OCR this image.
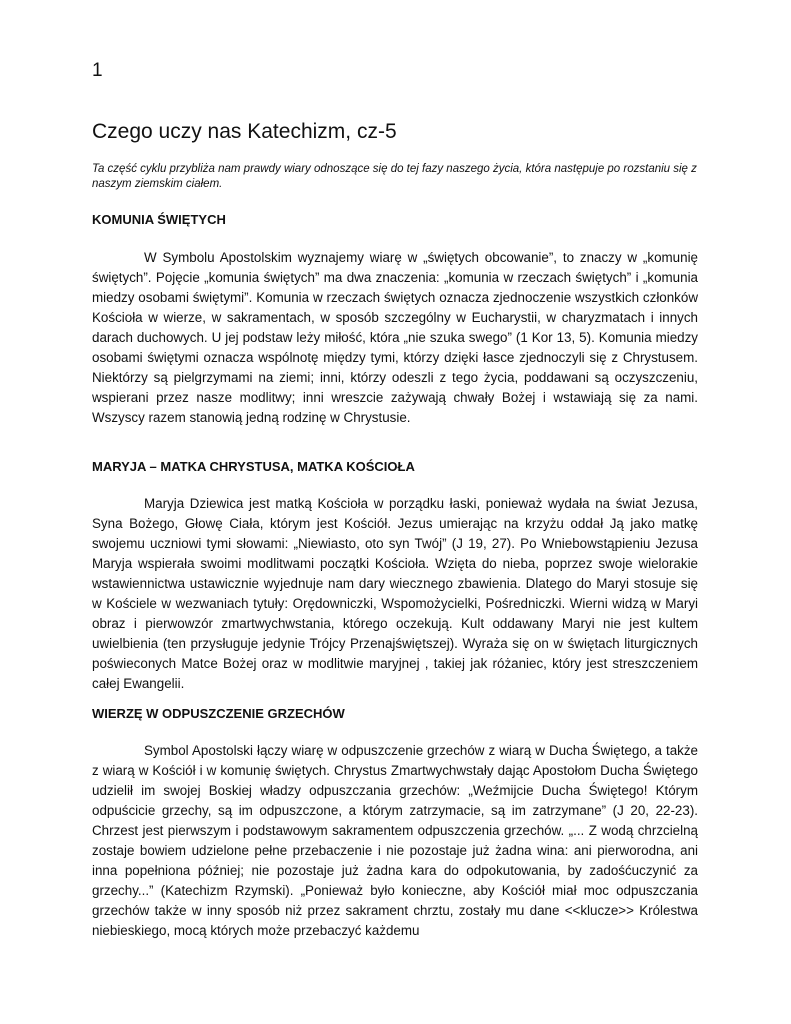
1
Czego uczy nas Katechizm, cz-5
Ta część cyklu przybliża nam prawdy wiary odnoszące się do tej fazy naszego życia, która następuje po rozstaniu się z naszym ziemskim ciałem.
KOMUNIA ŚWIĘTYCH

W Symbolu Apostolskim wyznajemy wiarę w „świętych obcowanie”, to znaczy w „komunię świętych”. Pojęcie „komunia świętych” ma dwa znaczenia: „komunia w rzeczach świętych” i „komunia miedzy osobami świętymi”. Komunia w rzeczach świętych oznacza zjednoczenie wszystkich członków Kościoła w wierze, w sakramentach, w sposób szczególny w Eucharystii, w charyzmatach i innych darach duchowych. U jej podstaw leży miłość, która „nie szuka swego” (1 Kor 13, 5). Komunia miedzy osobami świętymi oznacza wspólnotę między tymi, którzy dzięki łasce zjednoczyli się z Chrystusem. Niektórzy są pielgrzymami na ziemi; inni, którzy odeszli z tego życia, poddawani są oczyszczeniu, wspierani przez nasze modlitwy; inni wreszcie zażywają chwały Bożej i wstawiają się za nami. Wszyscy razem stanowią jedną rodzinę w Chrystusie.

MARYJA – MATKA CHRYSTUSA, MATKA KOŚCIOŁA

Maryja Dziewica jest matką Kościoła w porządku łaski, ponieważ wydała na świat Jezusa, Syna Bożego, Głowę Ciała, którym jest Kościół. Jezus umierając na krzyżu oddał Ją jako matkę swojemu uczniowi tymi słowami: „Niewiasto, oto syn Twój” (J 19, 27). Po Wniebowstąpieniu Jezusa Maryja wspierała swoimi modlitwami początki Kościoła. Wzięta do nieba, poprzez swoje wielorakie wstawiennictwa ustawicznie wyjednuje nam dary wiecznego zbawienia. Dlatego do Maryi stosuje się w Kościele w wezwaniach tytuły: Orędowniczki, Wspomożycielki, Pośredniczki. Wierni widzą w Maryi obraz i pierwowzór zmartwychwstania, którego oczekują. Kult oddawany Maryi nie jest kultem uwielbienia (ten przysługuje jedynie Trójcy Przenajświętszej). Wyraża się on w świętach liturgicznych poświeconych Matce Bożej oraz w modlitwie maryjnej , takiej jak różaniec, który jest streszczeniem całej Ewangelii.

WIERZĘ W ODPUSZCZENIE GRZECHÓW

Symbol Apostolski łączy wiarę w odpuszczenie grzechów z wiarą w Ducha Świętego, a także z wiarą w Kościół i w komunię świętych. Chrystus Zmartwychwstały dając Apostołom Ducha Świętego udzielił im swojej Boskiej władzy odpuszczania grzechów: „Weźmijcie Ducha Świętego! Którym odpuścicie grzechy, są im odpuszczone, a którym zatrzymacie, są im zatrzymane” (J 20, 22-23). Chrzest jest pierwszym i podstawowym sakramentem odpuszczenia grzechów. „... Z wodą chrzcielną zostaje bowiem udzielone pełne przebaczenie i nie pozostaje już żadna wina: ani pierworodna, ani inna popełniona później; nie pozostaje już żadna kara do odpokutowania, by zadośćuczynić za grzechy...” (Katechizm Rzymski). „Ponieważ było konieczne, aby Kościół miał moc odpuszczania grzechów także w inny sposób niż przez sakrament chrztu, zostały mu dane <<klucze>> Królestwa niebieskiego, mocą których może przebaczyć każdemu
